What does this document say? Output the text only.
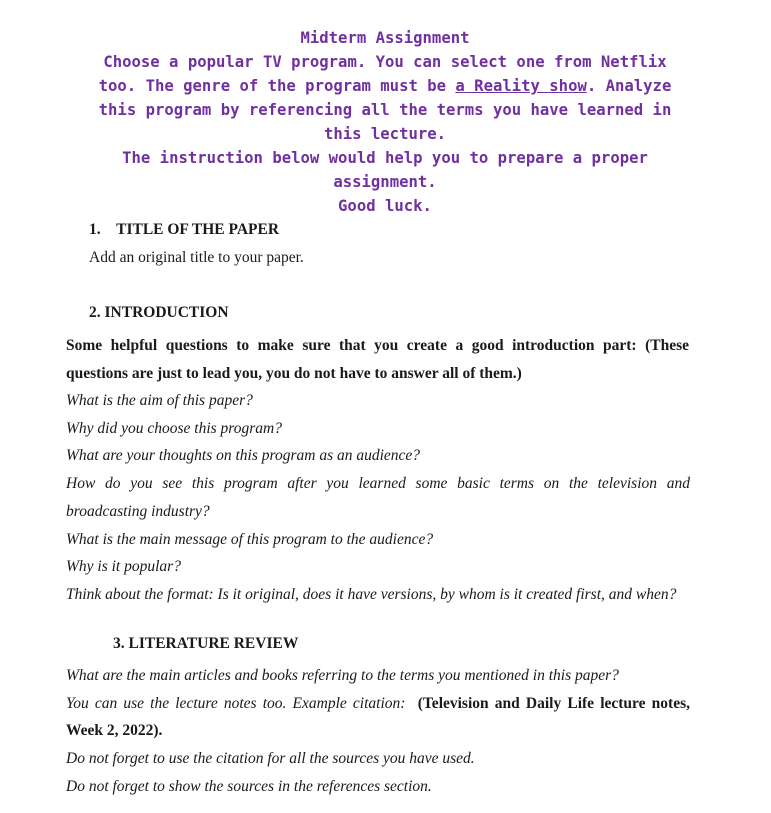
Midterm Assignment
Choose a popular TV program. You can select one from Netflix
too. The genre of the program must be a Reality show. Analyze
this program by referencing all the terms you have learned in
this lecture.
The instruction below would help you to prepare a proper
assignment.
Good luck.
1. TITLE OF THE PAPER
Add an original title to your paper.
2. INTRODUCTION
Some helpful questions to make sure that you create a good introduction part: (These
questions are just to lead you, you do not have to answer all of them.)
What is the aim of this paper?
Why did you choose this program?
What are your thoughts on this program as an audience?
How do you see this program after you learned some basic terms on the television and
broadcasting industry?
What is the main message of this program to the audience?
Why is it popular?
Think about the format: Is it original, does it have versions, by whom is it created first, and when?
3. LITERATURE REVIEW
What are the main articles and books referring to the terms you mentioned in this paper?
You can use the lecture notes too. Example citation: (Television and Daily Life lecture notes,
Week 2, 2022).
Do not forget to use the citation for all the sources you have used.
Do not forget to show the sources in the references section.
